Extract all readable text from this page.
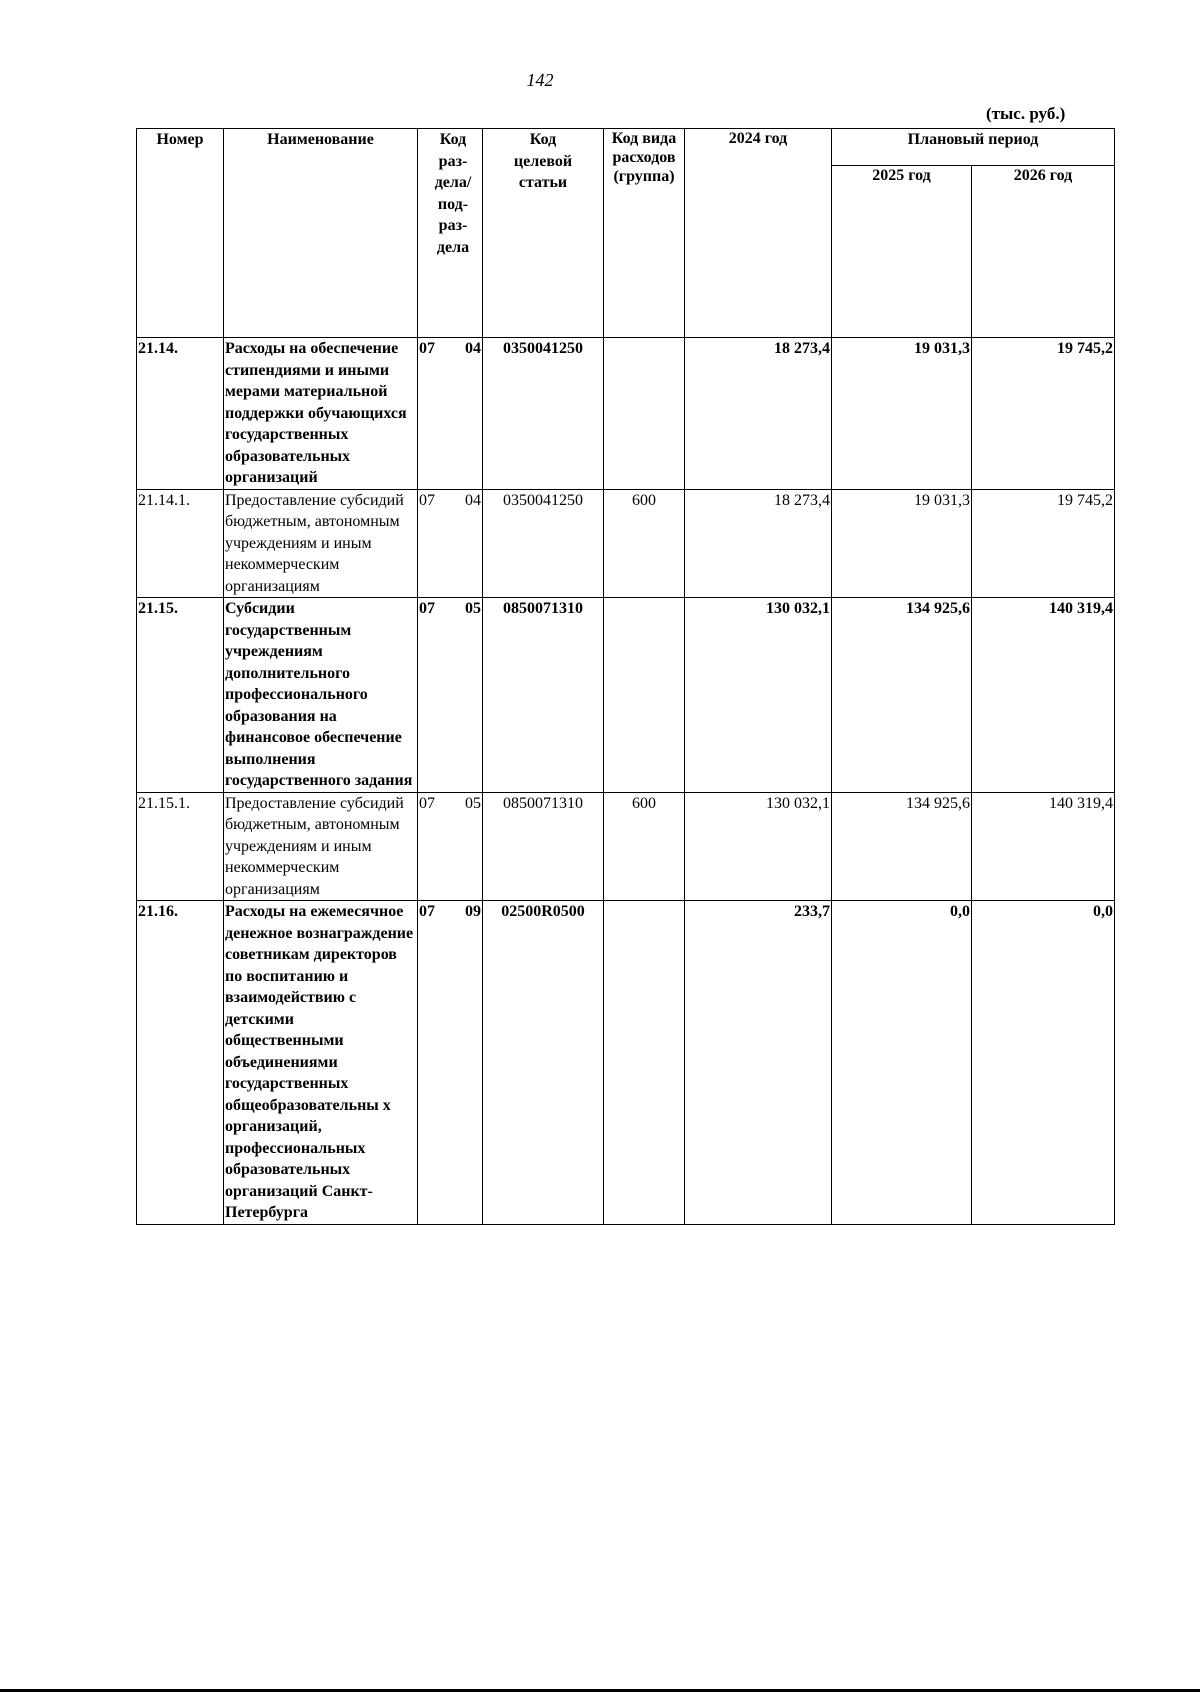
142
(тыс. руб.)
Номер	Наименование	Код раз-дела/ под-раз-дела	Код целевой статьи	Код вида расходов (группа)	2024 год	Плановый период	
						2025 год	2026 год
21.14.	Расходы на обеспечение стипендиями и иными мерами материальной поддержки обучающихся государственных образовательных организаций	07 04	0350041250		18 273,4	19 031,3	19 745,2
21.14.1.	Предоставление субсидий бюджетным, автономным учреждениям и иным некоммерческим организациям	07 04	0350041250	600	18 273,4	19 031,3	19 745,2
21.15.	Субсидии государственным учреждениям дополнительного профессионального образования на финансовое обеспечение выполнения государственного задания	07 05	0850071310		130 032,1	134 925,6	140 319,4
21.15.1.	Предоставление субсидий бюджетным, автономным учреждениям и иным некоммерческим организациям	07 05	0850071310	600	130 032,1	134 925,6	140 319,4
21.16.	Расходы на ежемесячное денежное вознаграждение советникам директоров по воспитанию и взаимодействию с детскими общественными объединениями государственных общеобразовательны х организаций, профессиональных образовательных организаций Санкт-Петербурга	07 09	02500R0500		233,7	0,0	0,0
